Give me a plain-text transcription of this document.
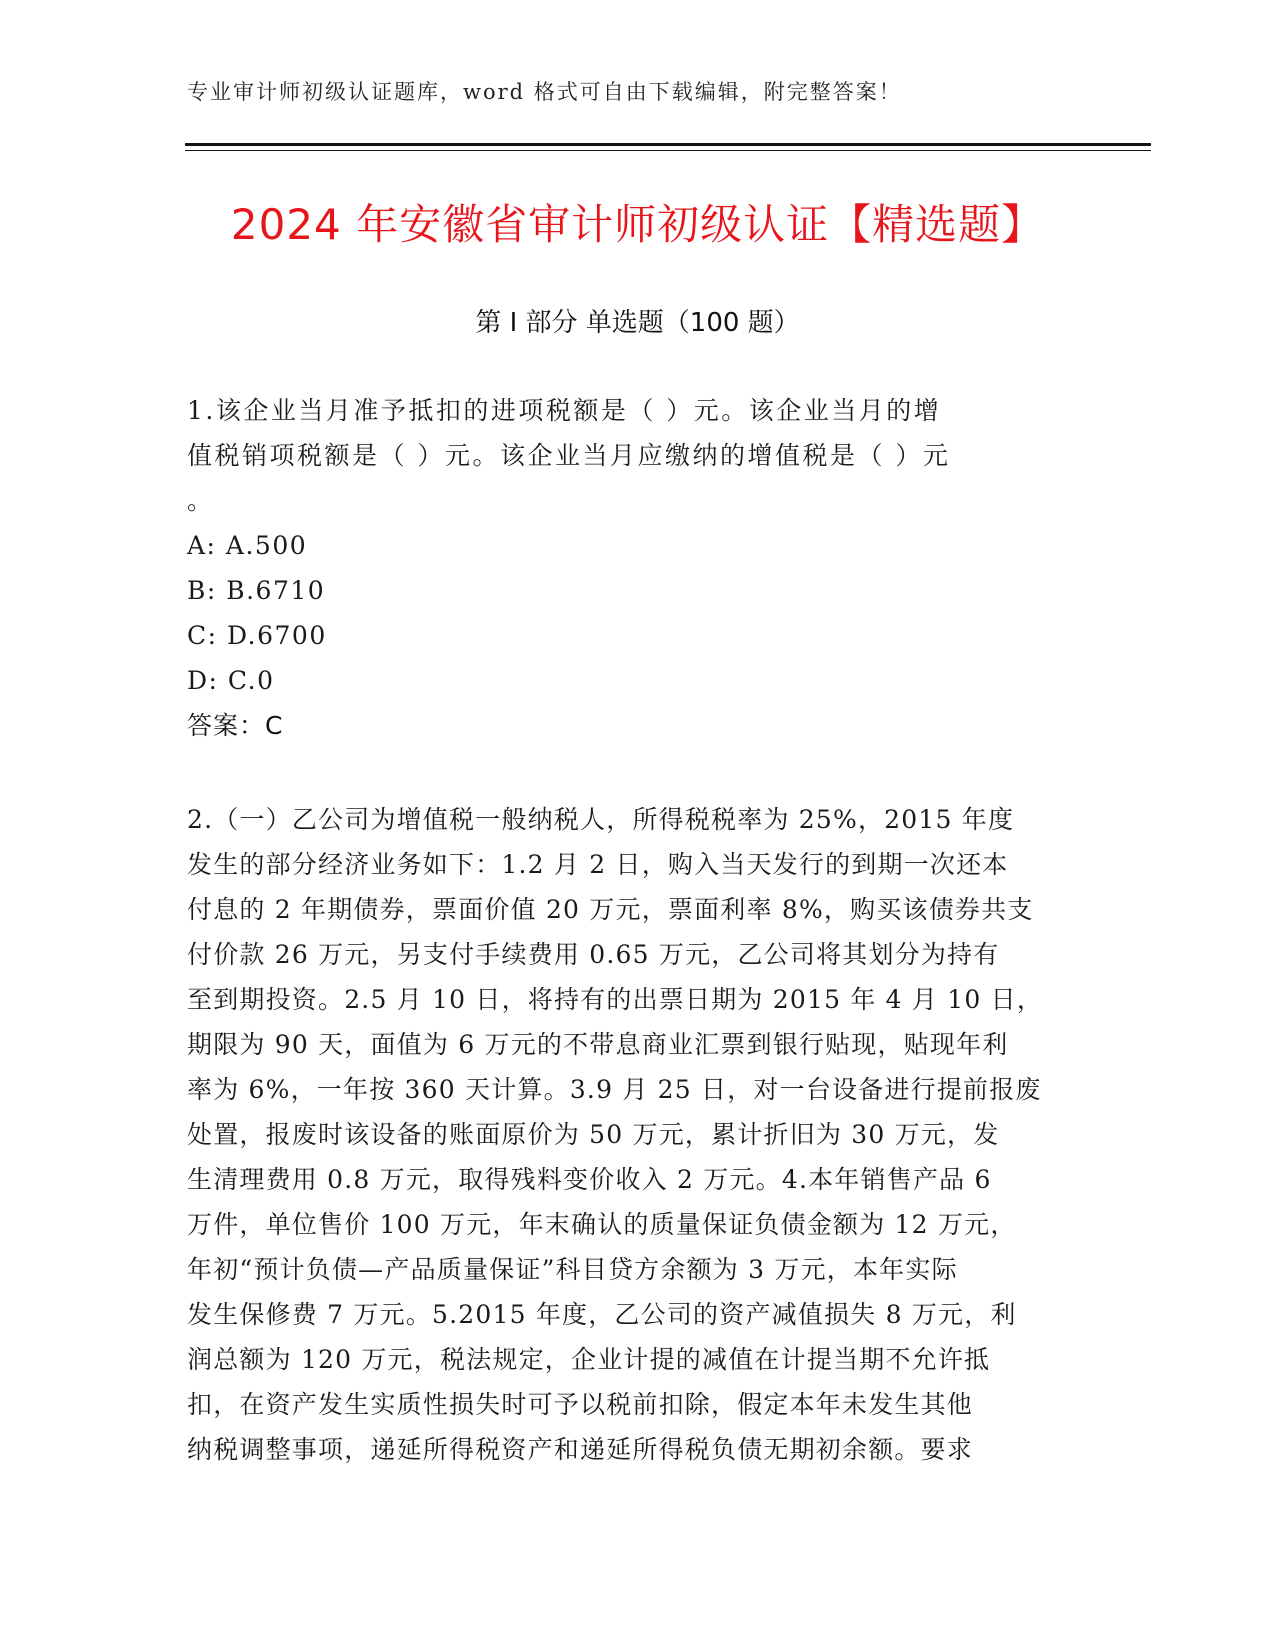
专业审计师初级认证题库，word 格式可自由下载编辑，附完整答案！
2024 年安徽省审计师初级认证【精选题】
第 I 部分 单选题（100 题）
1.该企业当月准予抵扣的进项税额是（ ）元。该企业当月的增
值税销项税额是（ ）元。该企业当月应缴纳的增值税是（ ）元
。
A: A.500
B: B.6710
C: D.6700
D: C.0
答案：C
2.（一）乙公司为增值税一般纳税人，所得税税率为 25%，2015 年度
发生的部分经济业务如下：1.2 月 2 日，购入当天发行的到期一次还本
付息的 2 年期债券，票面价值 20 万元，票面利率 8%，购买该债券共支
付价款 26 万元，另支付手续费用 0.65 万元，乙公司将其划分为持有
至到期投资。2.5 月 10 日，将持有的出票日期为 2015 年 4 月 10 日，
期限为 90 天，面值为 6 万元的不带息商业汇票到银行贴现，贴现年利
率为 6%，一年按 360 天计算。3.9 月 25 日，对一台设备进行提前报废
处置，报废时该设备的账面原价为 50 万元，累计折旧为 30 万元，发
生清理费用 0.8 万元，取得残料变价收入 2 万元。4.本年销售产品 6
万件，单位售价 100 万元，年末确认的质量保证负债金额为 12 万元，
年初“预计负债—产品质量保证”科目贷方余额为 3 万元，本年实际
发生保修费 7 万元。5.2015 年度，乙公司的资产减值损失 8 万元，利
润总额为 120 万元，税法规定，企业计提的减值在计提当期不允许抵
扣，在资产发生实质性损失时可予以税前扣除，假定本年未发生其他
纳税调整事项，递延所得税资产和递延所得税负债无期初余额。要求
